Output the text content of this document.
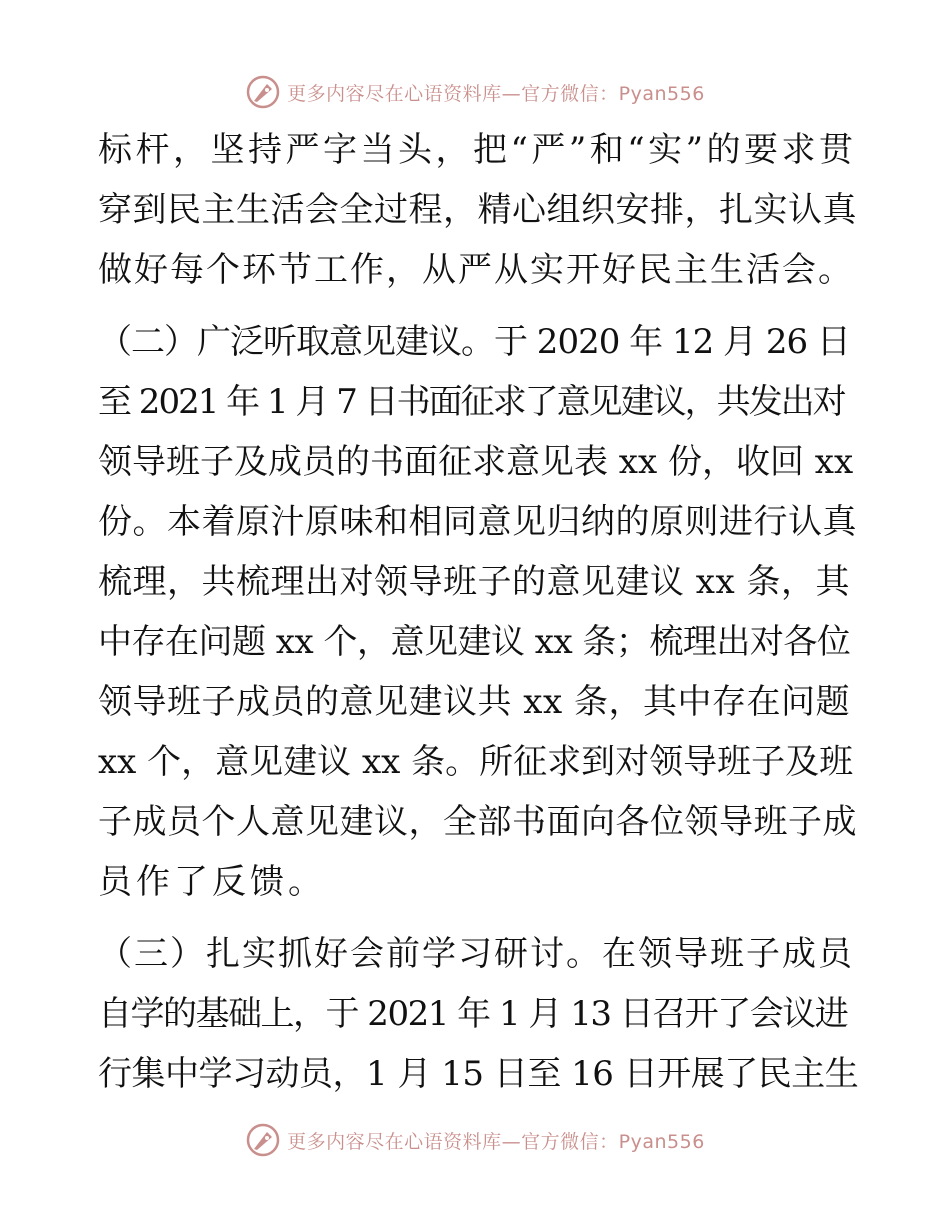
更多内容尽在心语资料库—官方微信：Pyan556
标杆，坚持严字当头，把“严”和“实”的要求贯
穿到民主生活会全过程，精心组织安排，扎实认真
做好每个环节工作，从严从实开好民主生活会。
（二）广泛听取意见建议。于 2020 年 12 月 26 日
至 2021 年 1 月 7 日书面征求了意见建议，共发出对
领导班子及成员的书面征求意见表 xx 份，收回 xx
份。本着原汁原味和相同意见归纳的原则进行认真
梳理，共梳理出对领导班子的意见建议 xx 条，其
中存在问题 xx 个，意见建议 xx 条；梳理出对各位
领导班子成员的意见建议共 xx 条，其中存在问题
xx 个，意见建议 xx 条。所征求到对领导班子及班
子成员个人意见建议，全部书面向各位领导班子成
员作了反馈。
（三）扎实抓好会前学习研讨。在领导班子成员
自学的基础上，于 2021 年 1 月 13 日召开了会议进
行集中学习动员，1 月 15 日至 16 日开展了民主生
更多内容尽在心语资料库—官方微信：Pyan556
